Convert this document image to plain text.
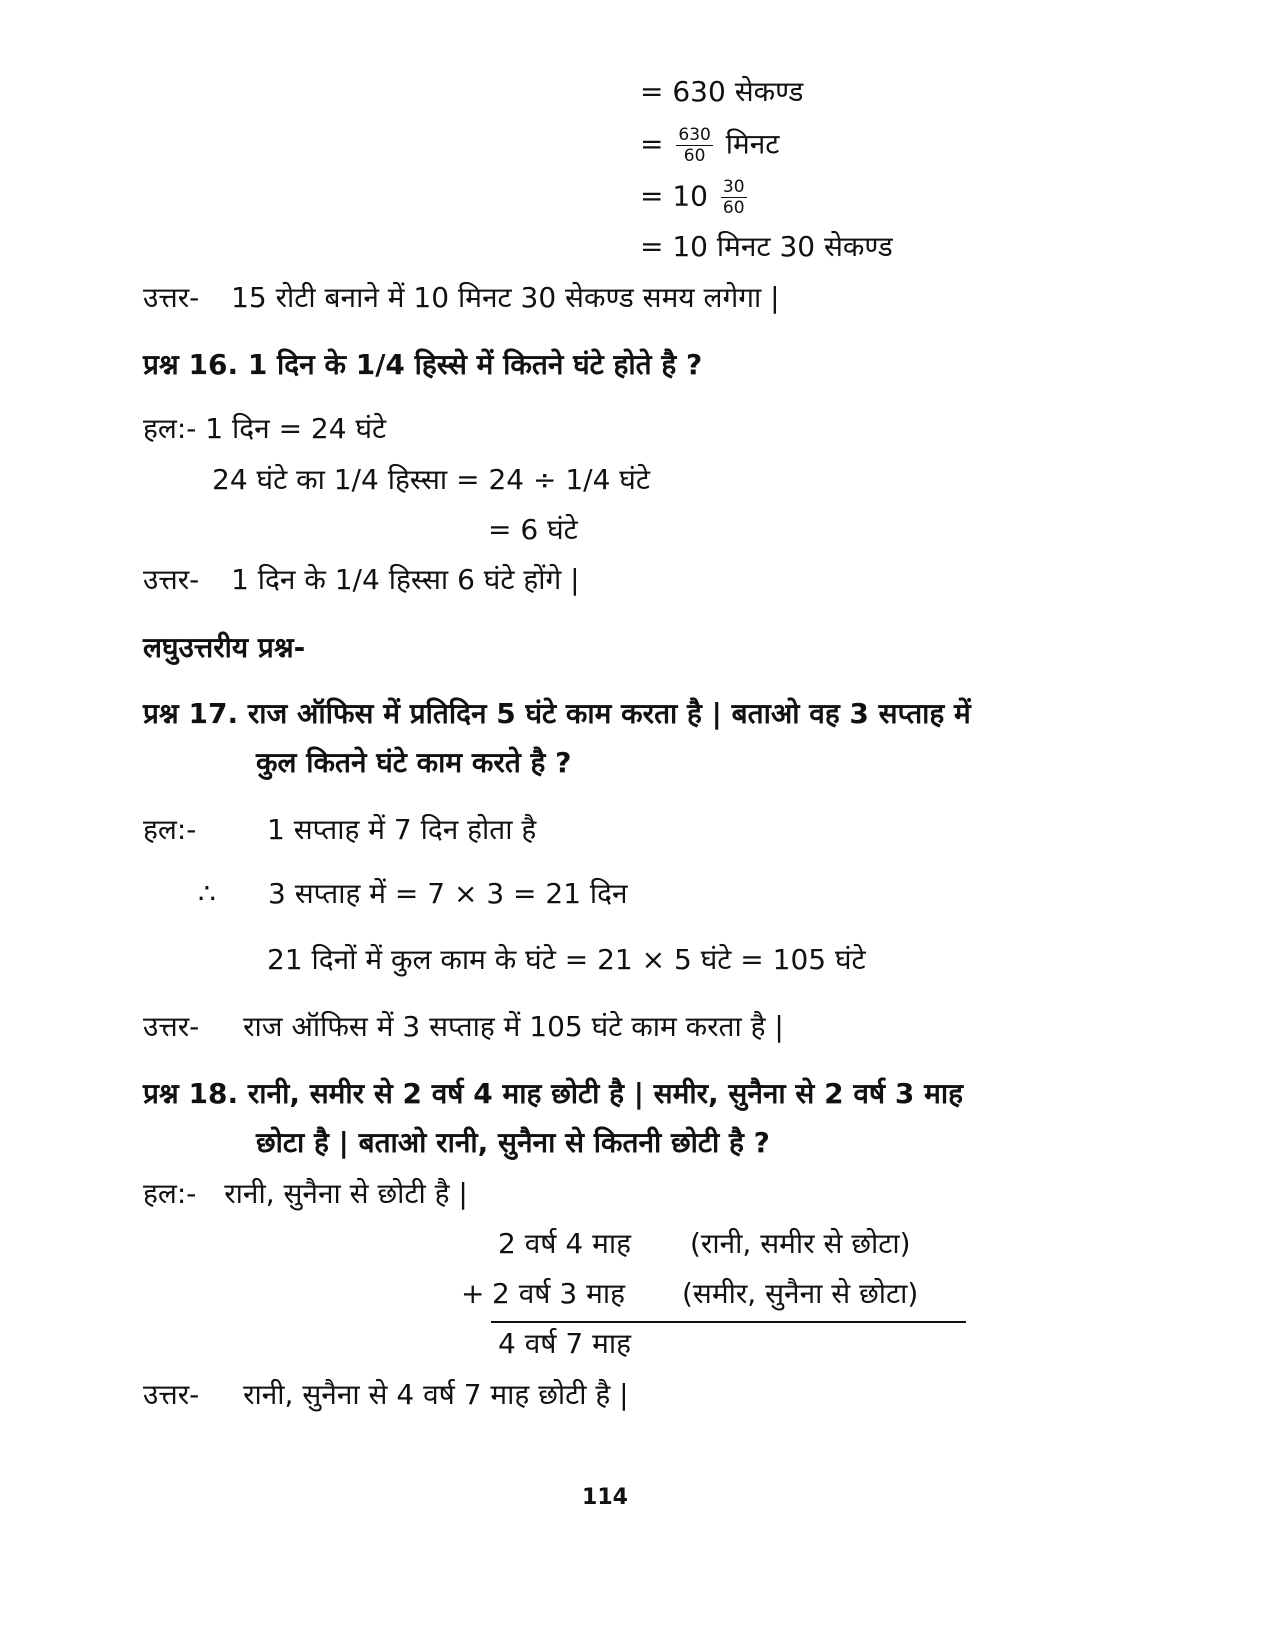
= 630 सेकण्ड
= $\frac{630}{60}$ मिनट
= $10 \frac{30}{60}$
= 10 मिनट 30 सेकण्ड
उत्तर- 15 रोटी बनाने में 10 मिनट 30 सेकण्ड समय लगेगा |
प्रश्न 16. 1 दिन के 1/4 हिस्से में कितने घंटे होते है ?
हल:- 1 दिन = 24 घंटे
24 घंटे का 1/4 हिस्सा = 24 ÷ 1/4 घंटे
= 6 घंटे
उत्तर- 1 दिन के 1/4 हिस्सा 6 घंटे होंगे |
लघुउत्तरीय प्रश्न-
प्रश्न 17. राज ऑफिस में प्रतिदिन 5 घंटे काम करता है | बताओ वह 3 सप्ताह में
कुल कितने घंटे काम करते है ?
हल:-	1 सप्ताह में 7 दिन होता है
∴ 3 सप्ताह में = 7 × 3 = 21 दिन
21 दिनों में कुल काम के घंटे = 21 × 5 घंटे = 105 घंटे
उत्तर- राज ऑफिस में 3 सप्ताह में 105 घंटे काम करता है |
प्रश्न 18. रानी, समीर से 2 वर्ष 4 माह छोटी है | समीर, सुनैना से 2 वर्ष 3 माह
छोटा है | बताओ रानी, सुनैना से कितनी छोटी है ?
हल:- रानी, सुनैना से छोटी है |
2 वर्ष 4 माह (रानी, समीर से छोटा)
+ 2 वर्ष 3 माह (समीर, सुनैना से छोटा)
4 वर्ष 7 माह
उत्तर- रानी, सुनैना से 4 वर्ष 7 माह छोटी है |
114
